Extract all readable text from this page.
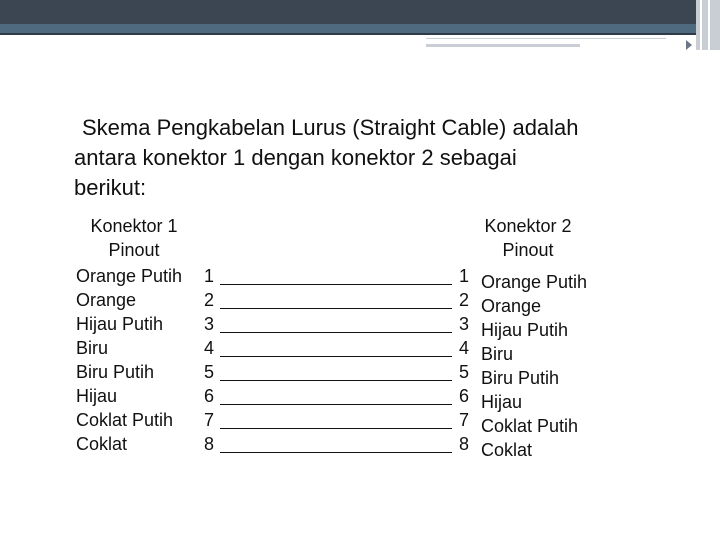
Skema Pengkabelan Lurus (Straight Cable) adalah
antara konektor 1 dengan konektor 2 sebagai
berikut:

Konektor 1
Pinout
Konektor 2
Pinout
Orange Putih
Orange
Hijau Putih
Biru
Biru Putih
Hijau
Coklat Putih
Coklat
1
2
3
4
5
6
7
8
1
2
3
4
5
6
7
8
Orange Putih
Orange
Hijau Putih
Biru
Biru Putih
Hijau
Coklat Putih
Coklat
